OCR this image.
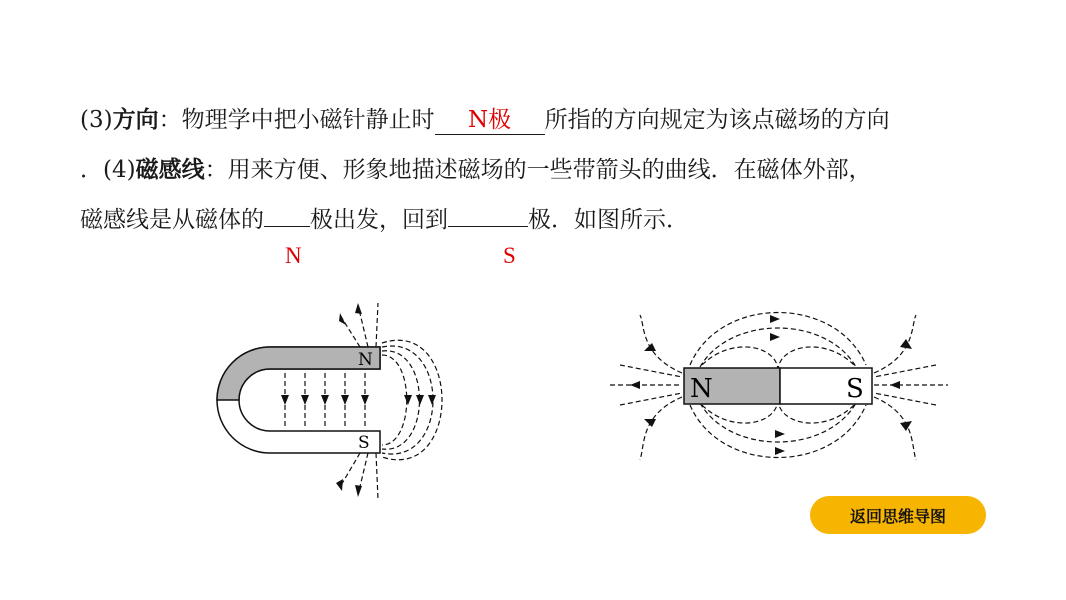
(3)方向：物理学中把小磁针静止时 N极 所指的方向规定为该点磁场的方向
．(4)磁感线：用来方便、形象地描述磁场的一些带箭头的曲线．在磁体外部，
磁感线是从磁体的 极出发，回到	极．如图所示．
N	S
N
S
N	S
返回思维导图
